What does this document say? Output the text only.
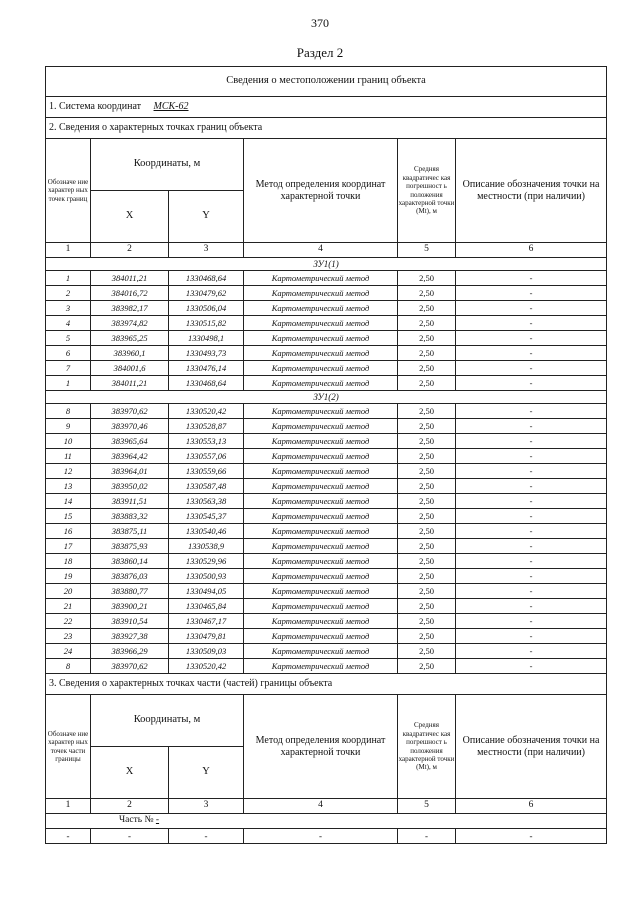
370
Раздел 2
Сведения о местоположении границ объекта					
1. Система координат МСК-62					
2. Сведения о характерных точках границ объекта					
Обозначе ние характер ных точек границ	Координаты, м		Метод определения координат характерной точки	Средняя квадратичес кая погрешност ь положения характерной точки (Mt), м	Описание обозначения точки на местности (при наличии)
	X	Y			
1	2	3	4	5	6
ЗУ1(1)					
1	384011,21	1330468,64	Картометрический метод	2,50	-
2	384016,72	1330479,62	Картометрический метод	2,50	-
3	383982,17	1330506,04	Картометрический метод	2,50	-
4	383974,82	1330515,82	Картометрический метод	2,50	-
5	383965,25	1330498,1	Картометрический метод	2,50	-
6	383960,1	1330493,73	Картометрический метод	2,50	-
7	384001,6	1330476,14	Картометрический метод	2,50	-
1	384011,21	1330468,64	Картометрический метод	2,50	-
ЗУ1(2)					
8	383970,62	1330520,42	Картометрический метод	2,50	-
9	383970,46	1330528,87	Картометрический метод	2,50	-
10	383965,64	1330553,13	Картометрический метод	2,50	-
11	383964,42	1330557,06	Картометрический метод	2,50	-
12	383964,01	1330559,66	Картометрический метод	2,50	-
13	383950,02	1330587,48	Картометрический метод	2,50	-
14	383911,51	1330563,38	Картометрический метод	2,50	-
15	383883,32	1330545,37	Картометрический метод	2,50	-
16	383875,11	1330540,46	Картометрический метод	2,50	-
17	383875,93	1330538,9	Картометрический метод	2,50	-
18	383860,14	1330529,96	Картометрический метод	2,50	-
19	383876,03	1330500,93	Картометрический метод	2,50	-
20	383880,77	1330494,05	Картометрический метод	2,50	-
21	383900,21	1330465,84	Картометрический метод	2,50	-
22	383910,54	1330467,17	Картометрический метод	2,50	-
23	383927,38	1330479,81	Картометрический метод	2,50	-
24	383966,29	1330509,03	Картометрический метод	2,50	-
8	383970,62	1330520,42	Картометрический метод	2,50	-
3. Сведения о характерных точках части (частей) границы объекта					
Обозначе ние характер ных точек части границы	Координаты, м		Метод определения координат характерной точки	Средняя квадратичес кая погрешност ь положения характерной точки (Mt), м	Описание обозначения точки на местности (при наличии)
	X	Y			
1	2	3	4	5	6
Часть № -					
-	-	-	-	-	-
